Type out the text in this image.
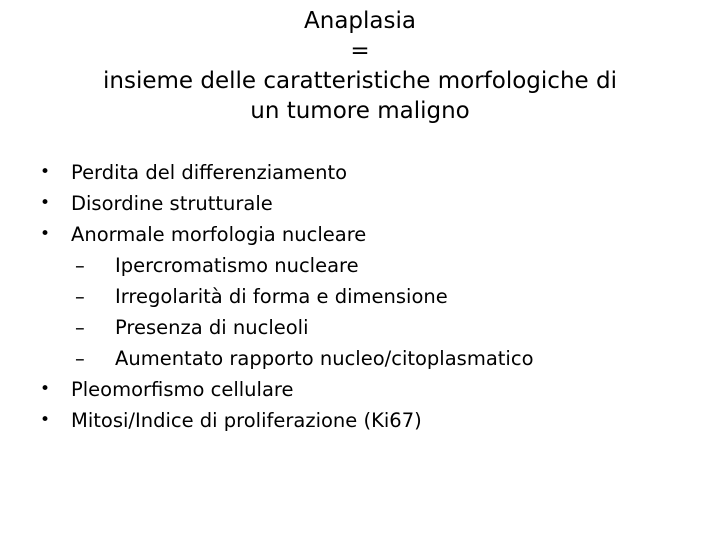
Anaplasia
=
insieme delle caratteristiche morfologiche di
un tumore maligno
• Perdita del differenziamento
• Disordine strutturale
• Anormale morfologia nucleare
– Ipercromatismo nucleare
– Irregolarità di forma e dimensione
– Presenza di nucleoli
– Aumentato rapporto nucleo/citoplasmatico
• Pleomorfismo cellulare
• Mitosi/Indice di proliferazione (Ki67)
